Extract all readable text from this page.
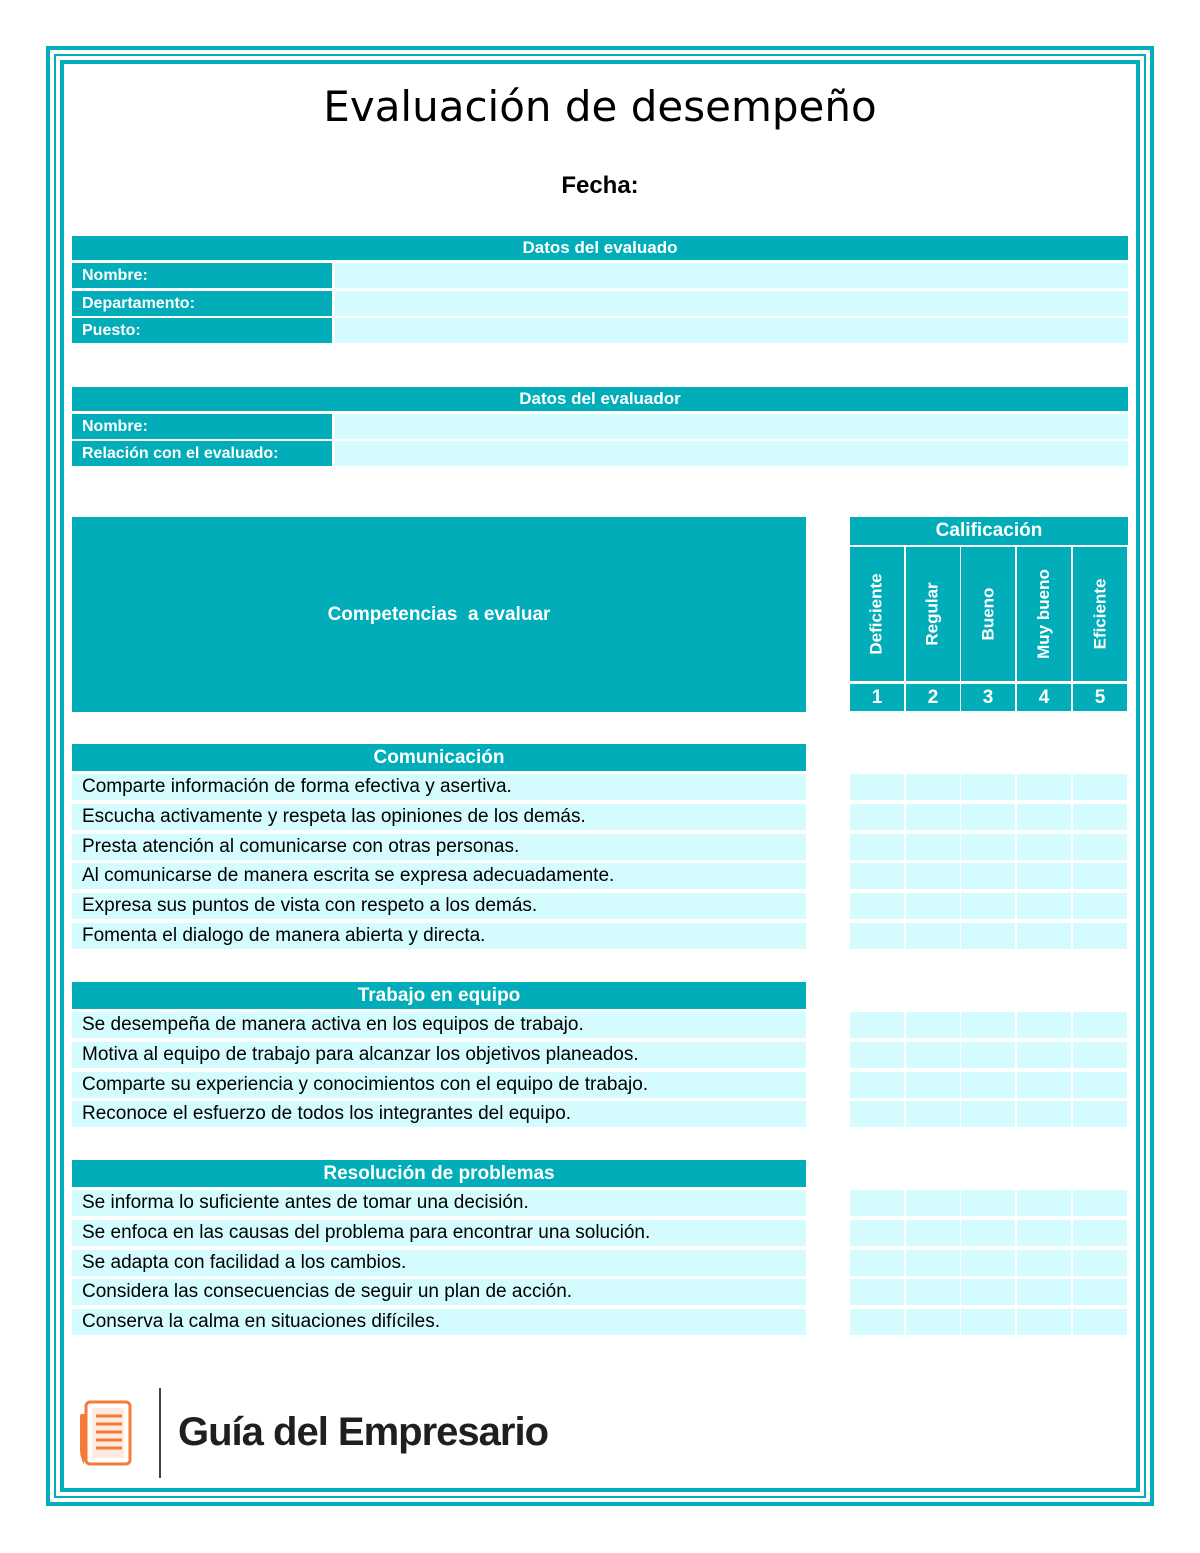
Evaluación de desempeño
Fecha:
Datos del evaluado
Nombre:
Departamento:
Puesto:
Datos del evaluador
Nombre:
Relación con el evaluado:
Competencias  a evaluar
Calificación
Deficiente
1
Regular
2
Bueno
3
Muy bueno
4
Eficiente
5
Comunicación
Comparte información de forma efectiva y asertiva.
Escucha activamente y respeta las opiniones de los demás.
Presta atención al comunicarse con otras personas.
Al comunicarse de manera escrita se expresa adecuadamente.
Expresa sus puntos de vista con respeto a los demás.
Fomenta el dialogo de manera abierta y directa.
Trabajo en equipo
Se desempeña de manera activa en los equipos de trabajo.
Motiva al equipo de trabajo para alcanzar los objetivos planeados.
Comparte su experiencia y conocimientos con el equipo de trabajo.
Reconoce el esfuerzo de todos los integrantes del equipo.
Resolución de problemas
Se informa lo suficiente antes de tomar una decisión.
Se enfoca en las causas del problema para encontrar una solución.
Se adapta con facilidad a los cambios.
Considera las consecuencias de seguir un plan de acción.
Conserva la calma en situaciones difíciles.
Guía del Empresario
